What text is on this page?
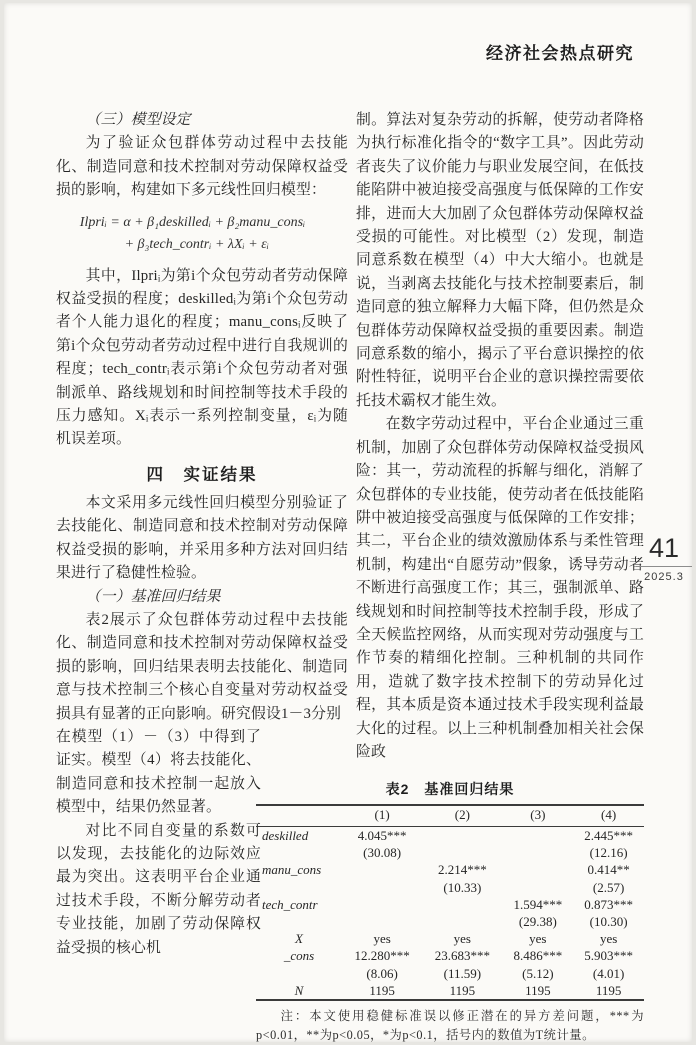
经济社会热点研究

（三）模型设定

为了验证众包群体劳动过程中去技能化、制造同意和技术控制对劳动保障权益受损的影响，构建如下多元线性回归模型：

Ilpriᵢ = α + β₁deskilledᵢ + β₂manu_consᵢ
+ β₃tech_contrᵢ + λXᵢ + εᵢ

其中，Ilpriᵢ为第i个众包劳动者劳动保障权益受损的程度；deskilledᵢ为第i个众包劳动者个人能力退化的程度；manu_consᵢ反映了第i个众包劳动者劳动过程中进行自我规训的程度；tech_contrᵢ表示第i个众包劳动者对强制派单、路线规划和时间控制等技术手段的压力感知。Xᵢ表示一系列控制变量，εᵢ为随机误差项。

四　实证结果

本文采用多元线性回归模型分别验证了去技能化、制造同意和技术控制对劳动保障权益受损的影响，并采用多种方法对回归结果进行了稳健性检验。

（一）基准回归结果

表2展示了众包群体劳动过程中去技能化、制造同意和技术控制对劳动保障权益受损的影响，回归结果表明去技能化、制造同意与技术控制三个核心自变量对劳动权益受损具有显著的正向影响。研究假设1－3分别

在模型（1）－（3）中得到了证实。模型（4）将去技能化、制造同意和技术控制一起放入模型中，结果仍然显著。

对比不同自变量的系数可以发现，去技能化的边际效应最为突出。这表明平台企业通过技术手段，不断分解劳动者专业技能，加剧了劳动保障权益受损的核心机

制。算法对复杂劳动的拆解，使劳动者降格为执行标准化指令的“数字工具”。因此劳动者丧失了议价能力与职业发展空间，在低技能陷阱中被迫接受高强度与低保障的工作安排，进而大大加剧了众包群体劳动保障权益受损的可能性。对比模型（2）发现，制造同意系数在模型（4）中大大缩小。也就是说，当剥离去技能化与技术控制要素后，制造同意的独立解释力大幅下降，但仍然是众包群体劳动保障权益受损的重要因素。制造同意系数的缩小，揭示了平台意识操控的依附性特征，说明平台企业的意识操控需要依托技术霸权才能生效。

在数字劳动过程中，平台企业通过三重机制，加剧了众包群体劳动保障权益受损风险：其一，劳动流程的拆解与细化，消解了众包群体的专业技能，使劳动者在低技能陷阱中被迫接受高强度与低保障的工作安排；其二，平台企业的绩效激励体系与柔性管理机制，构建出“自愿劳动”假象，诱导劳动者不断进行高强度工作；其三，强制派单、路线规划和时间控制等技术控制手段，形成了全天候监控网络，从而实现对劳动强度与工作节奏的精细化控制。三种机制的共同作用，造就了数字技术控制下的劳动异化过程，其本质是资本通过技术手段实现利益最大化的过程。以上三种机制叠加相关社会保险政

表2　基准回归结果
	(1)	(2)	(3)	(4)
deskilled	4.045***			2.445***
	(30.08)			(12.16)
manu_cons		2.214***		0.414**
		(10.33)		(2.57)
tech_contr			1.594***	0.873***
			(29.38)	(10.30)
X	yes	yes	yes	yes
_cons	12.280***	23.683***	8.486***	5.903***
	(8.06)	(11.59)	(5.12)	(4.01)
N	1195	1195	1195	1195

注：本文使用稳健标准误以修正潜在的异方差问题，***为p<0.01，**为p<0.05，*为p<0.1，括号内的数值为T统计量。

41
2025.3
